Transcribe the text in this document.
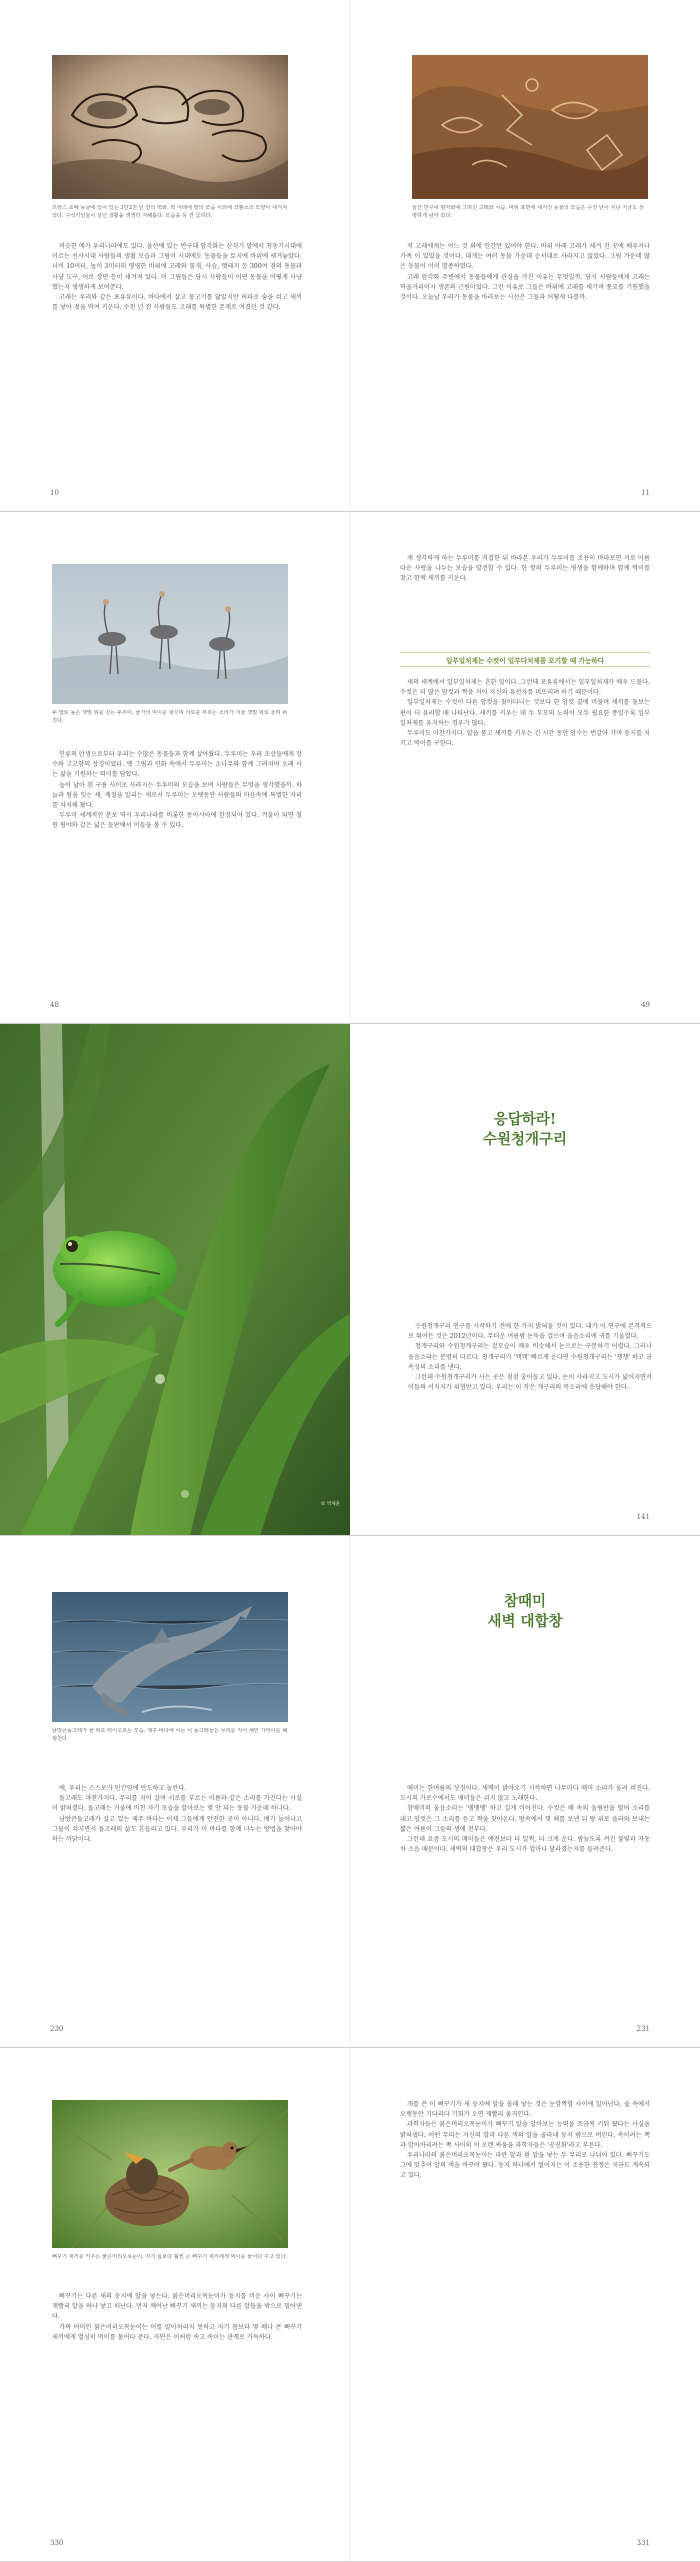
프랑스 쇼베 동굴에 있어 있는 3만2천 년 전의 벽화. 벽 아래에 말의 모습 이외에 코뿔소의 모양이 새겨져 있다. 구석기인들이 살던 생활을 생생히 지혜롭다. 모습을 등 연 급리다.

비슷한 예가 우리나라에도 있다. 울산에 있는 반구대 암각화는 신석기 말에서 청동기시대에 이르는 선사시대 사람들의 생활 모습과 그림이 시대에도 동물들을 토지에 바위에 새겨놓았다. 너비 10미터, 높이 3미터의 평평한 바위에 고래와 물개, 사슴, 멧돼지 등 300여 점의 동물과 사냥 도구, 어로 장면 등이 새겨져 있다. 이 그림들은 당시 사람들이 어떤 동물을 어떻게 사냥했는지 생생하게 보여준다.

고래는 우리와 같은 포유류이다. 바다에서 살고 물고기를 닮았지만 허파로 숨을 쉬고 새끼를 낳아 젖을 먹여 키운다. 수천 년 전 사람들도 고래를 특별한 존재로 여겼던 것 같다.

10
울산 반구대 암각화에 그려진 고래와 사슴. 바위 표면에 새겨진 동물의 모습은 수천 년이 지난 지금도 선명하게 남아 있다.

적 고래에게는 여느 것 외에 인간만 있어야 한다. 바위 아래 고래가 새겨 진 곳에 배우자나 가족 이 있었을 것이다. 대개는 여러 동물 가운데 순서대로 사라지고 없었다. 그림 가운데 많은 동물이 이미 멸종하였다.

고래 암각화 주변에서 동물들에게 관심을 가진 이유는 무엇일까. 당시 사람들에게 고래는 먹을거리이자 생존의 근원이었다. 그런 이유로 그들은 바위에 고래를 새기며 풍요를 기원했을 것이다. 오늘날 우리가 동물을 바라보는 시선은 그들과 어떻게 다를까.

11
두 발로 높은 갯벌 위를 걷는 두루미. 물가의 먹이를 찾으며 서로를 부르는 소리가 겨울 갯벌 위로 울려 퍼진다.

인류의 탄생으로부터 우리는 수많은 동물들과 함께 살아왔다. 두루미는 우리 조상들에게 장수와 고고함의 상징이었다. 옛 그림과 민화 속에서 두루미는 소나무와 함께 그려지며 오래 사는 삶을 기원하는 의미를 담았다.

높이 날아 흰 구름 사이로 사라지는 두루미의 모습을 보며 사람들은 무엇을 생각했을까. 하늘과 땅을 잇는 새, 계절을 알리는 새로서 두루미는 오랫동안 사람들의 마음속에 특별한 자리를 차지해 왔다.

두루미 세계적인 분포 역시 우리나라를 비롯한 동아시아에 한정되어 있다. 겨울이 되면 철원 평야와 같은 넓은 들판에서 이들을 볼 수 있다.

48

게 생각하게 하는 두루미를 직접한 뒤 바라본 우리가 두루미를 조용히 바라보면 서로 아름다운 사랑을 나누는 모습을 발견할 수 있다. 한 쌍의 두루미는 평생을 함께하며 함께 먹이를 찾고 함께 새끼를 키운다.

일부일처제는 수컷이 일부다처제를 포기할 때 가능하다

새의 세계에서 일부일처제는 흔한 일이다. 그런데 포유류에서는 일부일처제가 매우 드물다. 수컷은 더 많은 암컷과 짝을 지어 자신의 유전자를 퍼뜨리려 하기 때문이다.

일부일처제는 수컷이 다른 암컷을 찾아다니는 것보다 한 암컷 곁에 머물며 새끼를 돌보는 편이 더 유리할 때 나타난다. 새끼를 키우는 데 두 부모의 노력이 모두 필요한 종일수록 일부일처제를 유지하는 경우가 많다.

두루미도 마찬가지다. 알을 품고 새끼를 키우는 긴 시간 동안 암수는 번갈아 가며 둥지를 지키고 먹이를 구한다.

49
© 박제훈
응답하라!
수원청개구리

수원청개구리 연구를 시작하기 전에 한 가지 밝혀둘 것이 있다. 내가 이 연구에 본격적으로 뛰어든 것은 2012년이다. 무더운 여름밤 논둑을 걸으며 울음소리에 귀를 기울였다.

청개구리와 수원청개구리는 겉모습이 매우 비슷해서 눈으로는 구분하기 어렵다. 그러나 울음소리는 분명히 다르다. 청개구리가 '깩깩' 빠르게 운다면 수원청개구리는 '챙챙' 하고 금속성의 소리를 낸다.

그런데 수원청개구리가 사는 곳은 점점 줄어들고 있다. 논이 사라지고 도시가 넓어지면서 이들의 서식지가 위협받고 있다. 우리는 이 작은 개구리의 목소리에 응답해야 한다.

141
남방큰돌고래가 물 위로 뛰어오르는 모습. 제주 바다에 사는 이 돌고래들은 무리를 지어 해안 가까이를 헤엄친다.

에, 우리는 스스로가 인간임에 안도하고 놀란다.

돌고래도 마찬가지다. 무리를 지어 살며 서로를 부르는 이름과 같은 소리를 가진다는 사실이 밝혀졌다. 돌고래는 거울에 비친 자기 모습을 알아보는 몇 안 되는 동물 가운데 하나다.

남방큰돌고래가 살고 있는 제주 바다는 이제 그들에게 안전한 곳이 아니다. 배가 늘어나고 그물이 쳐지면서 돌고래의 삶도 흔들리고 있다. 우리가 이 바다를 함께 나누는 방법을 찾아야 하는 까닭이다.

230
참때미
새벽 대합창

매미는 한여름의 상징이다. 새벽이 밝아오기 시작하면 나무마다 매미 소리가 울려 퍼진다. 도시의 가로수에서도 매미들은 쉬지 않고 노래한다.

참매미의 울음소리는 '맴맴맴' 하고 길게 이어진다. 수컷은 배 속의 울림판을 떨어 소리를 내고 암컷은 그 소리를 듣고 짝을 찾아온다. 땅속에서 몇 해를 보낸 뒤 땅 위로 올라와 보내는 짧은 여름이 그들의 생애 전부다.

그런데 요즘 도시의 매미들은 예전보다 더 일찍, 더 크게 운다. 밤늦도록 켜진 불빛과 자동차 소음 때문이다. 새벽의 대합창은 우리 도시가 얼마나 달라졌는지를 들려준다.

231
뻐꾸기 새끼를 키우는 붉은머리오목눈이. 자기 몸보다 훨씬 큰 뻐꾸기 새끼에게 먹이를 물어다 주고 있다.

뻐꾸기는 다른 새의 둥지에 알을 낳는다. 붉은머리오목눈이가 둥지를 비운 사이 뻐꾸기는 재빨리 알을 하나 낳고 떠난다. 먼저 깨어난 뻐꾸기 새끼는 둥지의 다른 알들을 밖으로 밀어낸다.

가짜 어미인 붉은머리오목눈이는 이를 알아차리지 못하고 자기 몸보다 몇 배나 큰 뻐꾸기 새끼에게 열심히 먹이를 물어다 준다. 자연은 이처럼 속고 속이는 관계로 가득하다.

330

개를 쓴 이 뻐꾸기가 새 둥지에 알을 몰래 낳는 것은 눈깜짝할 사이에 일어난다. 숲 속에서 오랫동안 기다리다 기회가 오면 재빨리 움직인다.

과학자들은 붉은머리오목눈이가 뻐꾸기 알을 알아보는 능력을 조금씩 키워 왔다는 사실을 밝혀냈다. 어떤 무리는 자신의 알과 다른 색의 알을 골라내 둥지 밖으로 버린다. 속이려는 쪽과 알아차리려는 쪽 사이의 이 오랜 싸움을 과학자들은 '공진화'라고 부른다.

우리나라의 붉은머리오목눈이는 파란 알과 흰 알을 낳는 두 무리로 나뉘어 있다. 뻐꾸기도 그에 맞추어 알의 색을 바꾸어 왔다. 둥지 하나에서 벌어지는 이 조용한 전쟁은 지금도 계속되고 있다.

331
